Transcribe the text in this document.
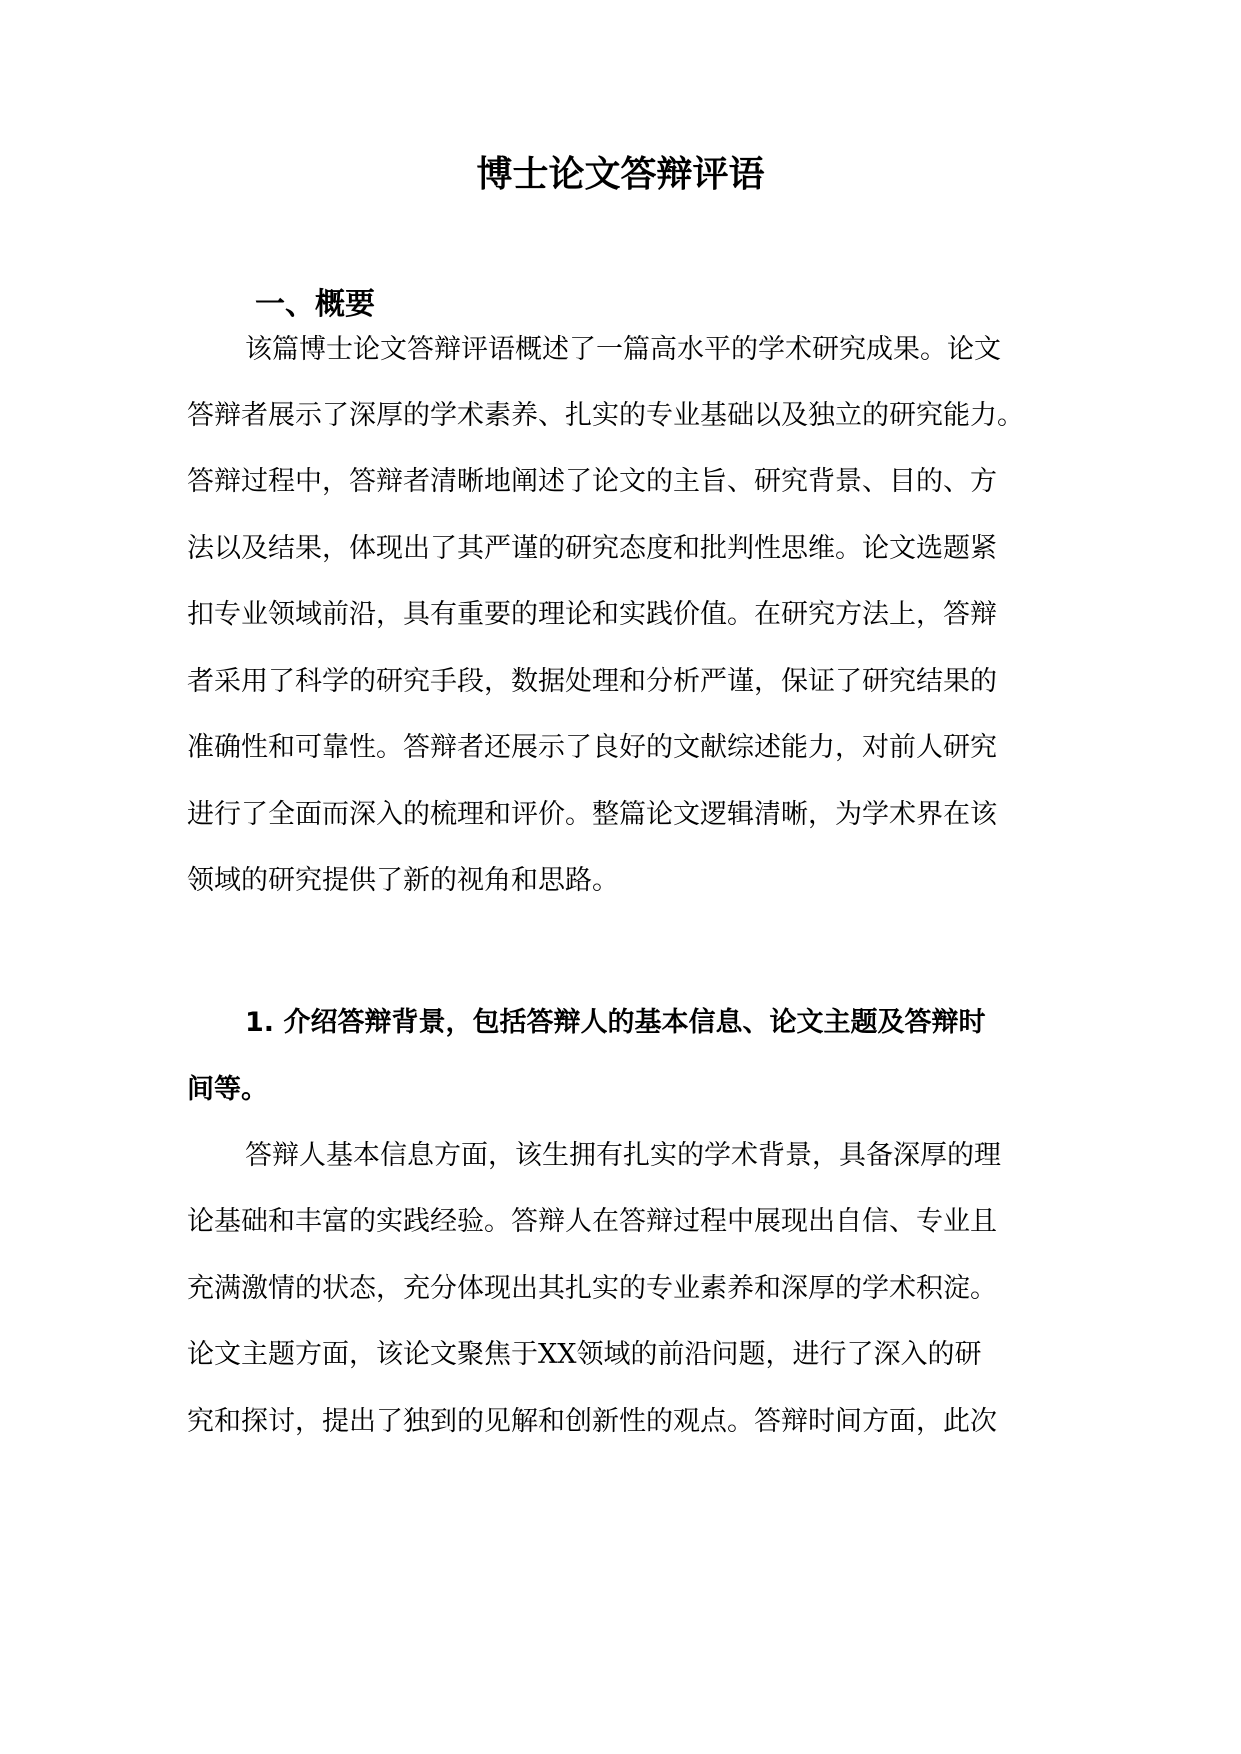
博士论文答辩评语
一、概要
该篇博士论文答辩评语概述了一篇高水平的学术研究成果。论文
答辩者展示了深厚的学术素养、扎实的专业基础以及独立的研究能力。
答辩过程中，答辩者清晰地阐述了论文的主旨、研究背景、目的、方
法以及结果，体现出了其严谨的研究态度和批判性思维。论文选题紧
扣专业领域前沿，具有重要的理论和实践价值。在研究方法上，答辩
者采用了科学的研究手段，数据处理和分析严谨，保证了研究结果的
准确性和可靠性。答辩者还展示了良好的文献综述能力，对前人研究
进行了全面而深入的梳理和评价。整篇论文逻辑清晰，为学术界在该
领域的研究提供了新的视角和思路。
1. 介绍答辩背景，包括答辩人的基本信息、论文主题及答辩时
间等。
答辩人基本信息方面，该生拥有扎实的学术背景，具备深厚的理
论基础和丰富的实践经验。答辩人在答辩过程中展现出自信、专业且
充满激情的状态，充分体现出其扎实的专业素养和深厚的学术积淀。
论文主题方面，该论文聚焦于XX领域的前沿问题，进行了深入的研
究和探讨，提出了独到的见解和创新性的观点。答辩时间方面，此次
